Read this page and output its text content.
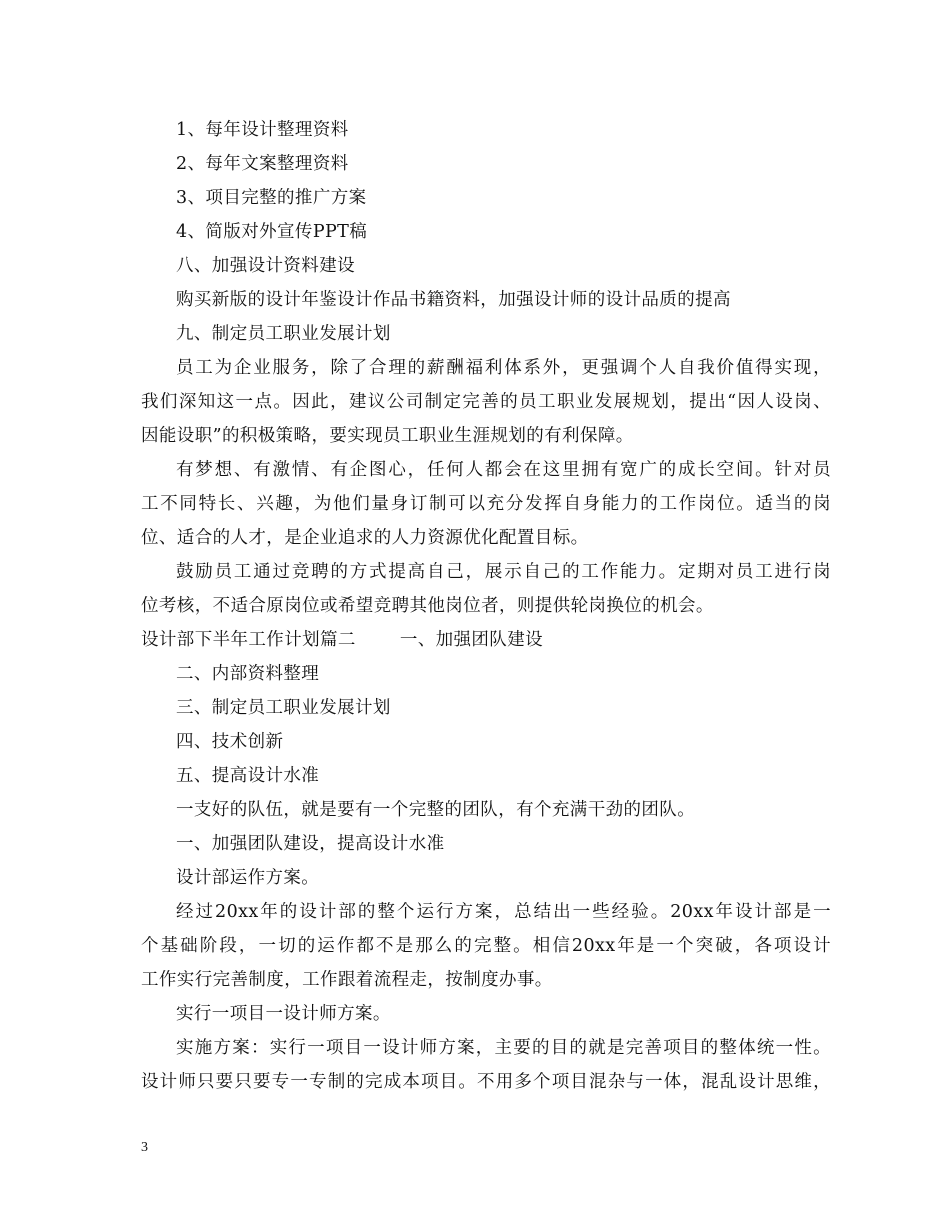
1、每年设计整理资料
2、每年文案整理资料
3、项目完整的推广方案
4、简版对外宣传PPT稿
八、加强设计资料建设
购买新版的设计年鉴设计作品书籍资料，加强设计师的设计品质的提高
九、制定员工职业发展计划
员工为企业服务，除了合理的薪酬福利体系外，更强调个人自我价值得实现，
我们深知这一点。因此，建议公司制定完善的员工职业发展规划，提出“因人设岗、
因能设职”的积极策略，要实现员工职业生涯规划的有利保障。
有梦想、有激情、有企图心，任何人都会在这里拥有宽广的成长空间。针对员
工不同特长、兴趣，为他们量身订制可以充分发挥自身能力的工作岗位。适当的岗
位、适合的人才，是企业追求的人力资源优化配置目标。
鼓励员工通过竞聘的方式提高自己，展示自己的工作能力。定期对员工进行岗
位考核，不适合原岗位或希望竞聘其他岗位者，则提供轮岗换位的机会。
设计部下半年工作计划篇二	一、加强团队建设
二、内部资料整理
三、制定员工职业发展计划
四、技术创新
五、提高设计水准
一支好的队伍，就是要有一个完整的团队，有个充满干劲的团队。
一、加强团队建设，提高设计水准
设计部运作方案。
经过20xx年的设计部的整个运行方案，总结出一些经验。20xx年设计部是一
个基础阶段，一切的运作都不是那么的完整。相信20xx年是一个突破，各项设计
工作实行完善制度，工作跟着流程走，按制度办事。
实行一项目一设计师方案。
实施方案：实行一项目一设计师方案，主要的目的就是完善项目的整体统一性。
设计师只要只要专一专制的完成本项目。不用多个项目混杂与一体，混乱设计思维，
3
